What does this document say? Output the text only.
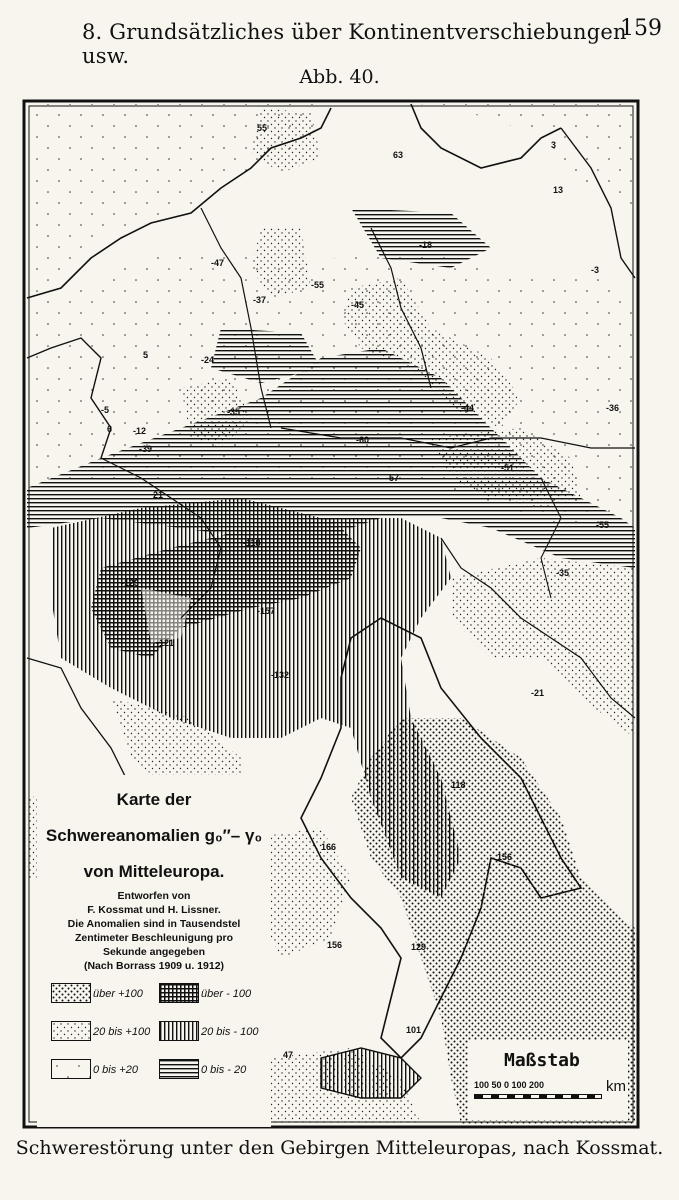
8. Grundsätzliches über Kontinentverschiebungen usw.
159
Abb. 40.
55
63
3
13
-18
-3
-47
-37	-45
-55
-24
-5
5
6 -12
-39
-35
-60
-57
-44	-36
-51
-55
-35
-21
-118
-129
-157
-121
-132
118
156
166
129
156
101
47
21
Karte der
Schwereanomalien g₀″– γ₀
von Mitteleuropa.
Entworfen von
F. Kossmat und H. Lissner.
Die Anomalien sind in Tausendstel
Zentimeter Beschleunigung pro
Sekunde angegeben
(Nach Borrass 1909 u. 1912)
über +100	über - 100
20 bis +100	20 bis - 100
0 bis +20	0 bis - 20	Maßstab
100 50 0 100 200	km
Schwerestörung unter den Gebirgen Mitteleuropas, nach Kossmat.
